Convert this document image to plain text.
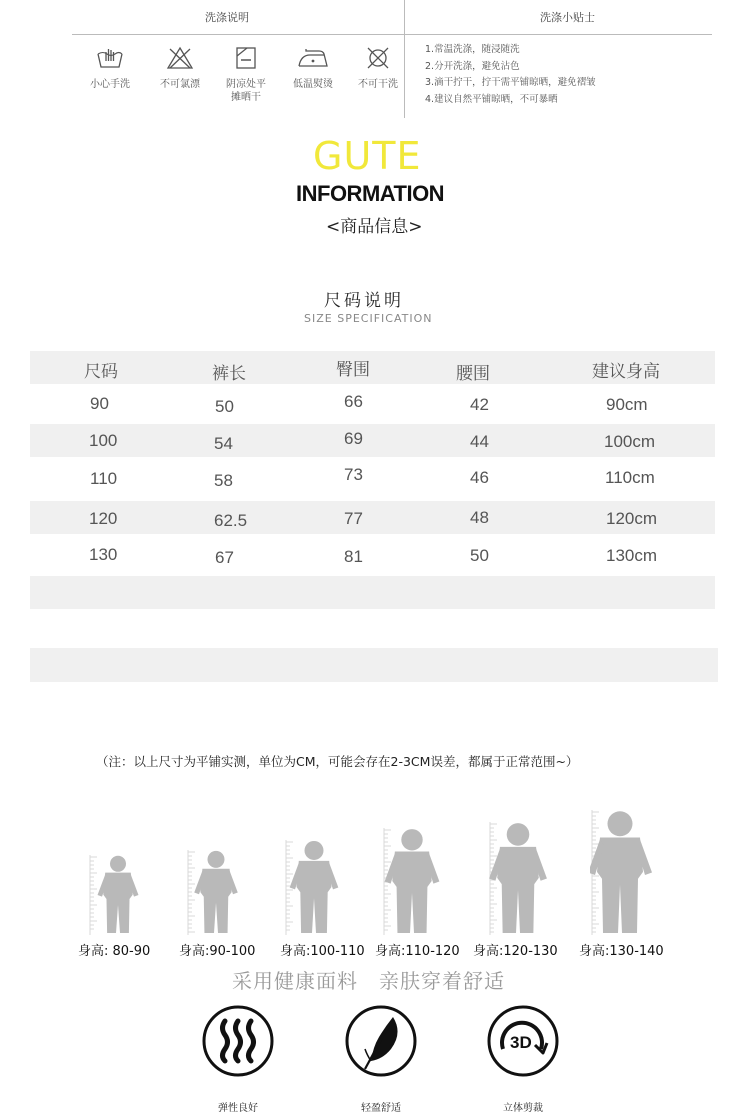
洗涤说明	洗涤小贴士
小心手洗	不可氯漂	阴凉处平
摊晒干
低温熨烫	不可干洗
1.常温洗涤，随浸随洗
2.分开洗涤，避免沾色
3.滴干拧干，拧干需平铺晾晒，避免褶皱
4.建议自然平铺晾晒，不可暴晒
GUTE
INFORMATION
<商品信息>
尺码说明
SIZE SPECIFICATION
尺码	裤长	臀围	腰围	建议身高
90	50	66	42	90cm
100	54	69	44	100cm
110	58	73	46	110cm
120	62.5	77	48	120cm
130	67	81	50	130cm
（注：以上尺寸为平铺实测，单位为CM，可能会存在2-3CM误差，都属于正常范围~）
身高: 80-90 身高:90-100 身高:100-110 身高:110-120 身高:120-130 身高:130-140
采用健康面料　亲肤穿着舒适
弹性良好	轻盈舒适
3D
立体剪裁
